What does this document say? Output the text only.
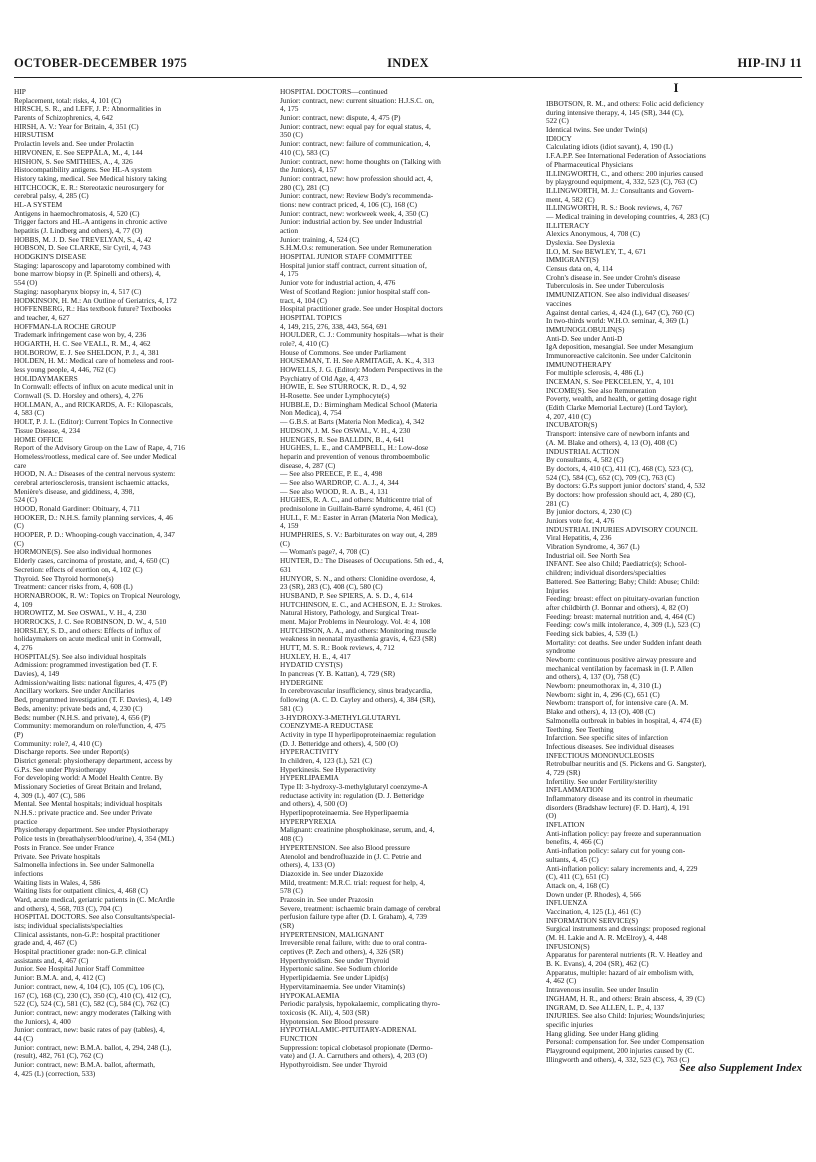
OCTOBER-DECEMBER 1975	INDEX	HIP-INJ 11
HIP
Replacement, total: risks, 4, 101 (C)
HIRSCH, S. R., and LEFF, J. P.: Abnormalities in
Parents of Schizophrenics, 4, 642
HIRSH, A. V.: Year for Britain, 4, 351 (C)
HIRSUTISM
Prolactin levels and. See under Prolactin
HIRVONEN, E. See SEPPÄLA, M., 4, 144
HISHON, S. See SMITHIES, A., 4, 326
Histocompatibility antigens. See HL-A system
History taking, medical. See Medical history taking
HITCHCOCK, E. R.: Stereotaxic neurosurgery for
cerebral palsy, 4, 285 (C)
HL-A SYSTEM
Antigens in haemochromatosis, 4, 520 (C)
Trigger factors and HL-A antigens in chronic active
hepatitis (J. Lindberg and others), 4, 77 (O)
HOBBS, M. J. D. See TREVELYAN, S., 4, 42
HOBSON, D. See CLARKE, Sir Cyril, 4, 743
HODGKIN'S DISEASE
Staging: laparoscopy and laparotomy combined with
bone marrow biopsy in (P. Spinelli and others), 4,
554 (O)
Staging: nasopharynx biopsy in, 4, 517 (C)
HODKINSON, H. M.: An Outline of Geriatrics, 4, 172
HOFFENBERG, R.: Has textbook future? Textbooks
and teacher, 4, 627
HOFFMAN-LA ROCHE GROUP
Trademark infringement case won by, 4, 236
HOGARTH, H. C. See VEALL, R. M., 4, 462
HOLBOROW, E. J. See SHELDON, P. J., 4, 381
HOLDEN, H. M.: Medical care of homeless and root-
less young people, 4, 446, 762 (C)
HOLIDAYMAKERS
In Cornwall: effects of influx on acute medical unit in
Cornwall (S. D. Horsley and others), 4, 276
HOLLMAN, A., and RICKARDS, A. F.: Kilopascals,
4, 583 (C)
HOLT, P. J. L. (Editor): Current Topics In Connective
Tissue Disease, 4, 234
HOME OFFICE
Report of the Advisory Group on the Law of Rape, 4, 716
Homeless/rootless, medical care of. See under Medical
care
HOOD, N. A.: Diseases of the central nervous system:
cerebral arteriosclerosis, transient ischaemic attacks,
Menière's disease, and giddiness, 4, 398,
524 (C)
HOOD, Ronald Gardiner: Obituary, 4, 711
HOOKER, D.: N.H.S. family planning services, 4, 46
(C)
HOOPER, P. D.: Whooping-cough vaccination, 4, 347
(C)
HORMONE(S). See also individual hormones
Elderly cases, carcinoma of prostate, and, 4, 650 (C)
Secretion: effects of exertion on, 4, 102 (C)
Thyroid. See Thyroid hormone(s)
Treatment: cancer risks from, 4, 608 (L)
HORNABROOK, R. W.: Topics on Tropical Neurology,
4, 109
HOROWITZ, M. See OSWAL, V. H., 4, 230
HORROCKS, J. C. See ROBINSON, D. W., 4, 510
HORSLEY, S. D., and others: Effects of influx of
holidaymakers on acute medical unit in Cornwall,
4, 276
HOSPITAL(S). See also individual hospitals
Admission: programmed investigation bed (T. F.
Davies), 4, 149
Admission/waiting lists: national figures, 4, 475 (P)
Ancillary workers. See under Ancillaries
Bed, programmed investigation (T. F. Davies), 4, 149
Beds, amenity: private beds and, 4, 230 (C)
Beds: number (N.H.S. and private), 4, 656 (P)
Community: memorandum on role/function, 4, 475
(P)
Community: role?, 4, 410 (C)
Discharge reports. See under Report(s)
District general: physiotherapy department, access by
G.P.s. See under Physiotherapy
For developing world: A Model Health Centre. By
Missionary Societies of Great Britain and Ireland,
4, 309 (L), 407 (C), 586
Mental. See Mental hospitals; individual hospitals
N.H.S.: private practice and. See under Private
practice
Physiotherapy department. See under Physiotherapy
Police tests in (breathalyser/blood/urine), 4, 354 (ML)
Posts in France. See under France
Private. See Private hospitals
Salmonella infections in. See under Salmonella
infections
Waiting lists in Wales, 4, 586
Waiting lists for outpatient clinics, 4, 468 (C)
Ward, acute medical, geriatric patients in (C. McArdle
and others), 4, 568, 703 (C), 704 (C)
HOSPITAL DOCTORS. See also Consultants/special-
ists; individual specialists/specialties
Clinical assistants, non-G.P.: hospital practitioner
grade and, 4, 467 (C)
Hospital practitioner grade: non-G.P. clinical
assistants and, 4, 467 (C)
Junior. See Hospital Junior Staff Committee
Junior: B.M.A. and, 4, 412 (C)
Junior: contract, new, 4, 104 (C), 105 (C), 106 (C),
167 (C), 168 (C), 230 (C), 350 (C), 410 (C), 412 (C),
522 (C), 524 (C), 581 (C), 582 (C), 584 (C), 762 (C)
Junior: contract, new: angry moderates (Talking with
the Juniors), 4, 400
Junior: contract, new: basic rates of pay (tables), 4,
44 (C)
Junior: contract, new: B.M.A. ballot, 4, 294, 248 (L),
(result), 482, 761 (C), 762 (C)
Junior: contract, new: B.M.A. ballot, aftermath,
4, 425 (L) (correction, 533)
HOSPITAL DOCTORS—continued
Junior: contract, new: current situation: H.J.S.C. on,
4, 175
Junior: contract, new: dispute, 4, 475 (P)
Junior: contract, new: equal pay for equal status, 4,
350 (C)
Junior: contract, new: failure of communication, 4,
410 (C), 583 (C)
Junior: contract, new: home thoughts on (Talking with
the Juniors), 4, 157
Junior: contract, new: how profession should act, 4,
280 (C), 281 (C)
Junior: contract, new: Review Body's recommenda-
tions: new contract priced, 4, 106 (C), 168 (C)
Junior: contract, new: workweek week, 4, 350 (C)
Junior: industrial action by. See under Industrial
action
Junior: training, 4, 524 (C)
S.H.M.O.s: remuneration. See under Remuneration
HOSPITAL JUNIOR STAFF COMMITTEE
Hospital junior staff contract, current situation of,
4, 175
Junior vote for industrial action, 4, 476
West of Scotland Region: junior hospital staff con-
tract, 4, 104 (C)
Hospital practitioner grade. See under Hospital doctors
HOSPITAL TOPICS
4, 149, 215, 276, 338, 443, 564, 691
HOULDER, C. J.: Community hospitals—what is their
role?, 4, 410 (C)
House of Commons. See under Parliament
HOUSEMAN, T. H. See ARMITAGE, A. K., 4, 313
HOWELLS, J. G. (Editor): Modern Perspectives in the
Psychiatry of Old Age, 4, 473
HOWIE, E. See STURROCK, R. D., 4, 92
H-Rosette. See under Lymphocyte(s)
HUBBLE, D.: Birmingham Medical School (Materia
Non Medica), 4, 754
— G.B.S. at Barts (Materia Non Medica), 4, 342
HUDSON, J. M. See OSWAL, V. H., 4, 230
HUENGES, R. See BALLDIN, B., 4, 641
HUGHES, L. E., and CAMPBELL, H.: Low-dose
heparin and prevention of venous thromboembolic
disease, 4, 287 (C)
— See also PREECE, P. E., 4, 498
— See also WARDROP, C. A. J., 4, 344
— See also WOOD, R. A. B., 4, 131
HUGHES, R. A. C., and others: Multicentre trial of
prednisolone in Guillain-Barré syndrome, 4, 461 (C)
HULL, F. M.: Easter in Arran (Materia Non Medica),
4, 159
HUMPHRIES, S. V.: Barbiturates on way out, 4, 289
(C)
— Woman's page?, 4, 708 (C)
HUNTER, D.: The Diseases of Occupations. 5th ed., 4,
631
HUNYOR, S. N., and others: Clonidine overdose, 4,
23 (SR), 283 (C), 408 (C), 580 (C)
HUSBAND, P. See SPIERS, A. S. D., 4, 614
HUTCHINSON, E. C., and ACHESON, E. J.: Strokes.
Natural History, Pathology, and Surgical Treat-
ment. Major Problems in Neurology. Vol. 4: 4, 108
HUTCHISON, A. A., and others: Monitoring muscle
weakness in neonatal myasthenia gravis, 4, 623 (SR)
HUTT, M. S. R.: Book reviews, 4, 712
HUXLEY, H. E., 4, 417
HYDATID CYST(S)
In pancreas (Y. B. Kattan), 4, 729 (SR)
HYDERGINE
In cerebrovascular insufficiency, sinus bradycardia,
following (A. C. D. Cayley and others), 4, 384 (SR),
581 (C)
3-HYDROXY-3-METHYLGLUTARYL
COENZYME-A REDUCTASE
Activity in type II hyperlipoproteinaemia: regulation
(D. J. Betteridge and others), 4, 500 (O)
HYPERACTIVITY
In children, 4, 123 (L), 521 (C)
Hyperkinesis. See Hyperactivity
HYPERLIPAEMIA
Type II: 3-hydroxy-3-methylglutaryl coenzyme-A
reductase activity in: regulation (D. J. Betteridge
and others), 4, 500 (O)
Hyperlipoproteinaemia. See Hyperlipaemia
HYPERPYREXIA
Malignant: creatinine phosphokinase, serum, and, 4,
408 (C)
HYPERTENSION. See also Blood pressure
Atenolol and bendrofluazide in (J. C. Petrie and
others), 4, 133 (O)
Diazoxide in. See under Diazoxide
Mild, treatment: M.R.C. trial: request for help, 4,
578 (C)
Prazosin in. See under Prazosin
Severe, treatment: ischaemic brain damage of cerebral
perfusion failure type after (D. I. Graham), 4, 739
(SR)
HYPERTENSION, MALIGNANT
Irreversible renal failure, with: due to oral contra-
ceptives (P. Zech and others), 4, 326 (SR)
Hyperthyroidism. See under Thyroid
Hypertonic saline. See Sodium chloride
Hyperlipidaemia. See under Lipid(s)
Hypervitaminaemia. See under Vitamin(s)
HYPOKALAEMIA
Periodic paralysis, hypokalaemic, complicating thyro-
toxicosis (K. Ali), 4, 503 (SR)
Hypotension. See Blood pressure
HYPOTHALAMIC-PITUITARY-ADRENAL
FUNCTION
Suppression: topical clobetasol propionate (Dermo-
vate) and (J. A. Carruthers and others), 4, 203 (O)
Hypothyroidism. See under Thyroid
I
IBBOTSON, R. M., and others: Folic acid deficiency
during intensive therapy, 4, 145 (SR), 344 (C),
522 (C)
Identical twins. See under Twin(s)
IDIOCY
Calculating idiots (idiot savant), 4, 190 (L)
I.F.A.P.P. See International Federation of Associations
of Pharmaceutical Physicians
ILLINGWORTH, C., and others: 200 injuries caused
by playground equipment, 4, 332, 523 (C), 763 (C)
ILLINGWORTH, M. J.: Consultants and Govern-
ment, 4, 582 (C)
ILLINGWORTH, R. S.: Book reviews, 4, 767
— Medical training in developing countries, 4, 283 (C)
ILLITERACY
Alexics Anonymous, 4, 708 (C)
Dyslexia. See Dyslexia
ILO, M. See BEWLEY, T., 4, 671
IMMIGRANT(S)
Census data on, 4, 114
Crohn's disease in. See under Crohn's disease
Tuberculosis in. See under Tuberculosis
IMMUNIZATION. See also individual diseases/
vaccines
Against dental caries, 4, 424 (L), 647 (C), 760 (C)
In two-thirds world: W.H.O. seminar, 4, 369 (L)
IMMUNOGLOBULIN(S)
Anti-D. See under Anti-D
IgA deposition, mesangial. See under Mesangium
Immunoreactive calcitonin. See under Calcitonin
IMMUNOTHERAPY
For multiple sclerosis, 4, 486 (L)
INCEMAN, S. See PEKCELEN, Y., 4, 101
INCOME(S). See also Remuneration
Poverty, wealth, and health, or getting dosage right
(Edith Clarke Memorial Lecture) (Lord Taylor),
4, 207, 410 (C)
INCUBATOR(S)
Transport: intensive care of newborn infants and
(A. M. Blake and others), 4, 13 (O), 408 (C)
INDUSTRIAL ACTION
By consultants, 4, 582 (C)
By doctors, 4, 410 (C), 411 (C), 468 (C), 523 (C),
524 (C), 584 (C), 652 (C), 709 (C), 763 (C)
By doctors: G.P.s support junior doctors' stand, 4, 532
By doctors: how profession should act, 4, 280 (C),
281 (C)
By junior doctors, 4, 230 (C)
Juniors vote for, 4, 476
INDUSTRIAL INJURIES ADVISORY COUNCIL
Viral Hepatitis, 4, 236
Vibration Syndrome, 4, 367 (L)
Industrial oil. See North Sea
INFANT. See also Child; Paediatric(s); School-
children; individual disorders/specialties
Battered. See Battering; Baby; Child: Abuse; Child:
Injuries
Feeding: breast: effect on pituitary-ovarian function
after childbirth (J. Bonnar and others), 4, 82 (O)
Feeding: breast: maternal nutrition and, 4, 464 (C)
Feeding: cow's milk intolerance, 4, 309 (L), 523 (C)
Feeding sick babies, 4, 539 (L)
Mortality: cot deaths. See under Sudden infant death
syndrome
Newborn: continuous positive airway pressure and
mechanical ventilation by facemask in (I. P. Allen
and others), 4, 137 (O), 758 (C)
Newborn: pneumothorax in, 4, 310 (L)
Newborn: sight in, 4, 296 (C), 651 (C)
Newborn: transport of, for intensive care (A. M.
Blake and others), 4, 13 (O), 408 (C)
Salmonella outbreak in babies in hospital, 4, 474 (E)
Teething. See Teething
Infarction. See specific sites of infarction
Infectious diseases. See individual diseases
INFECTIOUS MONONUCLEOSIS
Retrobulbar neuritis and (S. Pickens and G. Sangster),
4, 729 (SR)
Infertility. See under Fertility/sterility
INFLAMMATION
Inflammatory disease and its control in rheumatic
disorders (Bradshaw lecture) (F. D. Hart), 4, 191
(O)
INFLATION
Anti-inflation policy: pay freeze and superannuation
benefits, 4, 466 (C)
Anti-inflation policy: salary cut for young con-
sultants, 4, 45 (C)
Anti-inflation policy: salary increments and, 4, 229
(C), 411 (C), 651 (C)
Attack on, 4, 168 (C)
Down under (P. Rhodes), 4, 566
INFLUENZA
Vaccination, 4, 125 (L), 461 (C)
INFORMATION SERVICE(S)
Surgical instruments and dressings: proposed regional
(M. H. Lakie and A. R. McElroy), 4, 448
INFUSION(S)
Apparatus for parenteral nutrients (R. V. Heatley and
B. K. Evans), 4, 204 (SR), 462 (C)
Apparatus, multiple: hazard of air embolism with,
4, 462 (C)
Intravenous insulin. See under Insulin
INGHAM, H. R., and others: Brain abscess, 4, 39 (C)
INGRAM, D. See ALLEN, L. P., 4, 137
INJURIES. See also Child: Injuries; Wounds/injuries;
specific injuries
Hang gliding. See under Hang gliding
Personal: compensation for. See under Compensation
Playground equipment, 200 injuries caused by (C.
Illingworth and others), 4, 332, 523 (C), 763 (C)
See also Supplement Index
